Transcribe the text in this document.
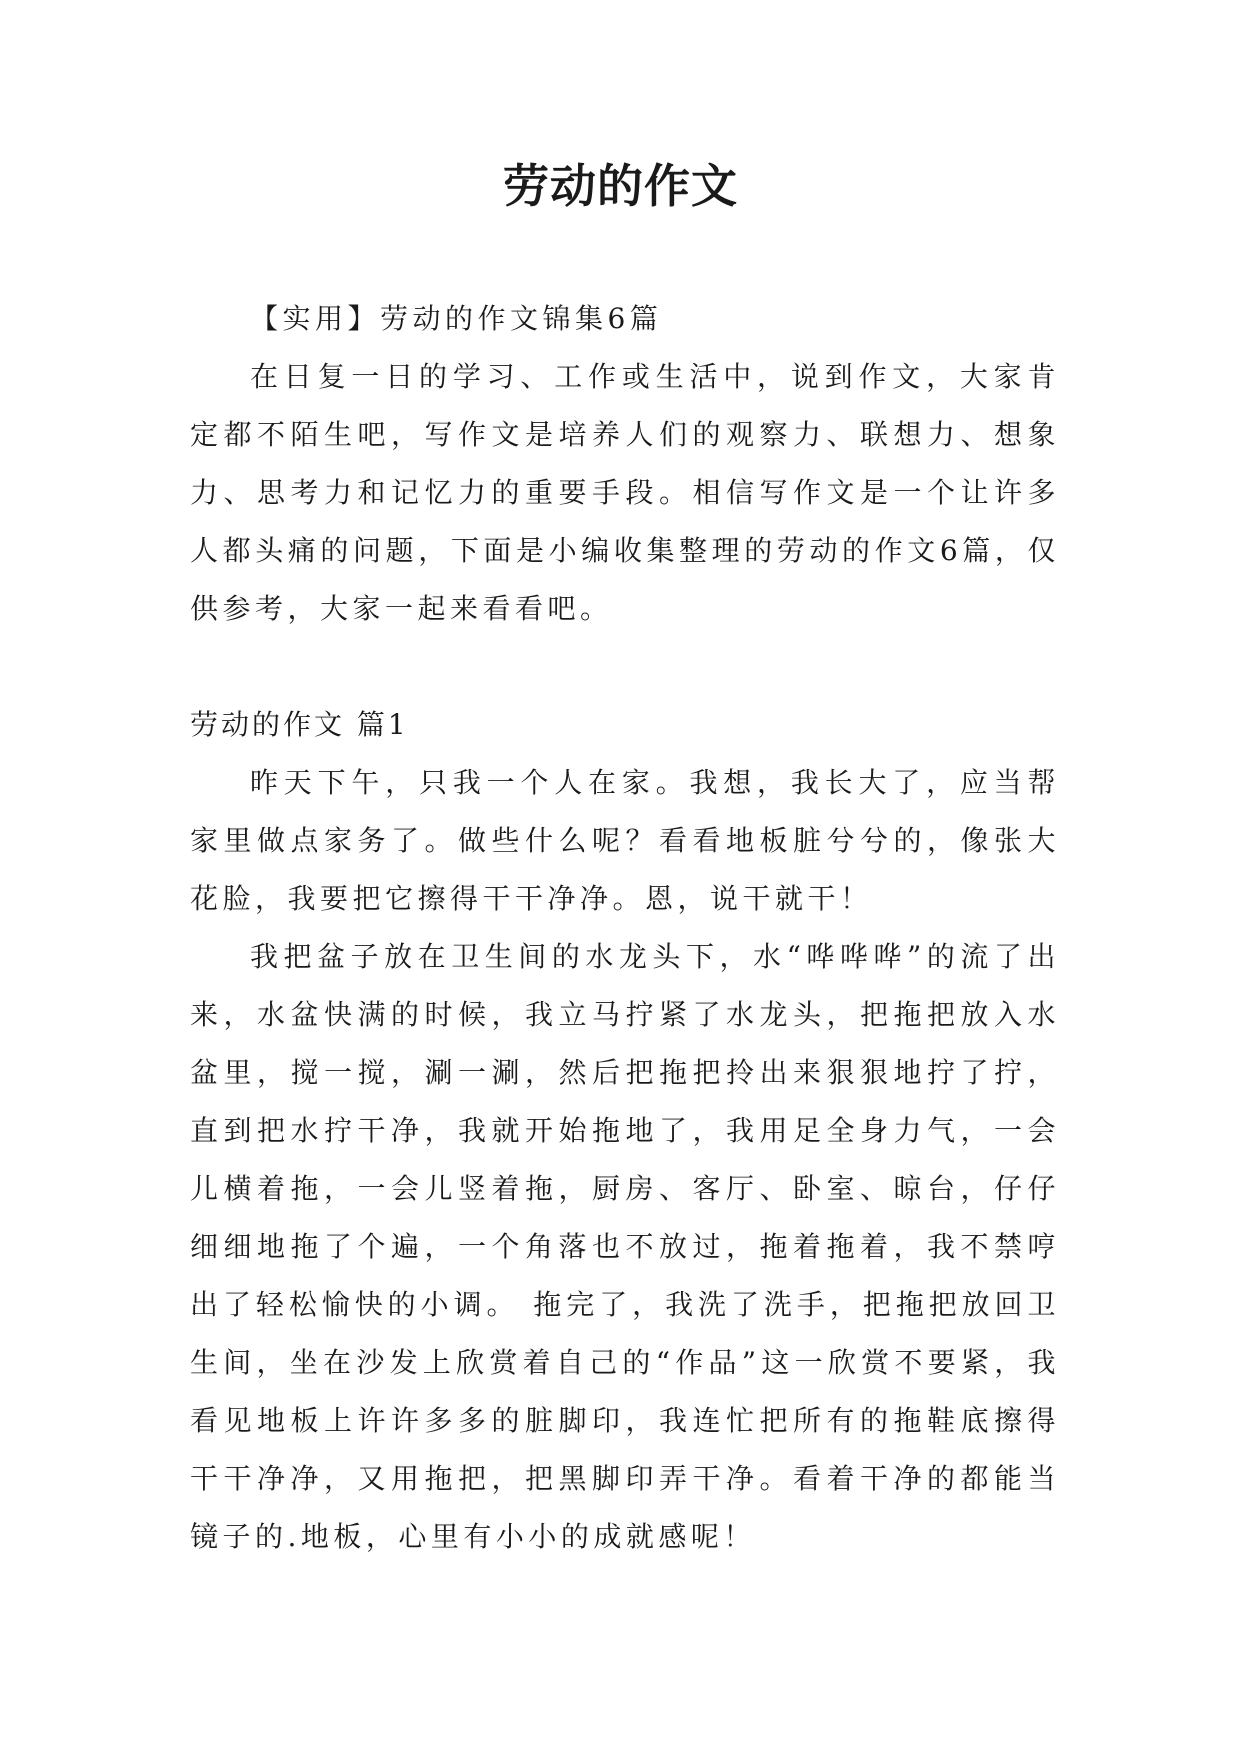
劳动的作文

【实用】劳动的作文锦集6篇

在日复一日的学习、工作或生活中，说到作文，大家肯定都不陌生吧，写作文是培养人们的观察力、联想力、想象力、思考力和记忆力的重要手段。相信写作文是一个让许多人都头痛的问题，下面是小编收集整理的劳动的作文6篇，仅供参考，大家一起来看看吧。

劳动的作文 篇1

昨天下午，只我一个人在家。我想，我长大了，应当帮家里做点家务了。做些什么呢？看看地板脏兮兮的，像张大花脸，我要把它擦得干干净净。恩，说干就干！

我把盆子放在卫生间的水龙头下，水“哗哗哗”的流了出来，水盆快满的时候，我立马拧紧了水龙头，把拖把放入水盆里，搅一搅，涮一涮，然后把拖把拎出来狠狠地拧了拧，直到把水拧干净，我就开始拖地了，我用足全身力气，一会儿横着拖，一会儿竖着拖，厨房、客厅、卧室、晾台，仔仔细细地拖了个遍，一个角落也不放过，拖着拖着，我不禁哼出了轻松愉快的小调。 拖完了，我洗了洗手，把拖把放回卫生间，坐在沙发上欣赏着自己的“作品”这一欣赏不要紧，我看见地板上许许多多的脏脚印，我连忙把所有的拖鞋底擦得干干净净，又用拖把，把黑脚印弄干净。看着干净的都能当镜子的.地板，心里有小小的成就感呢！
